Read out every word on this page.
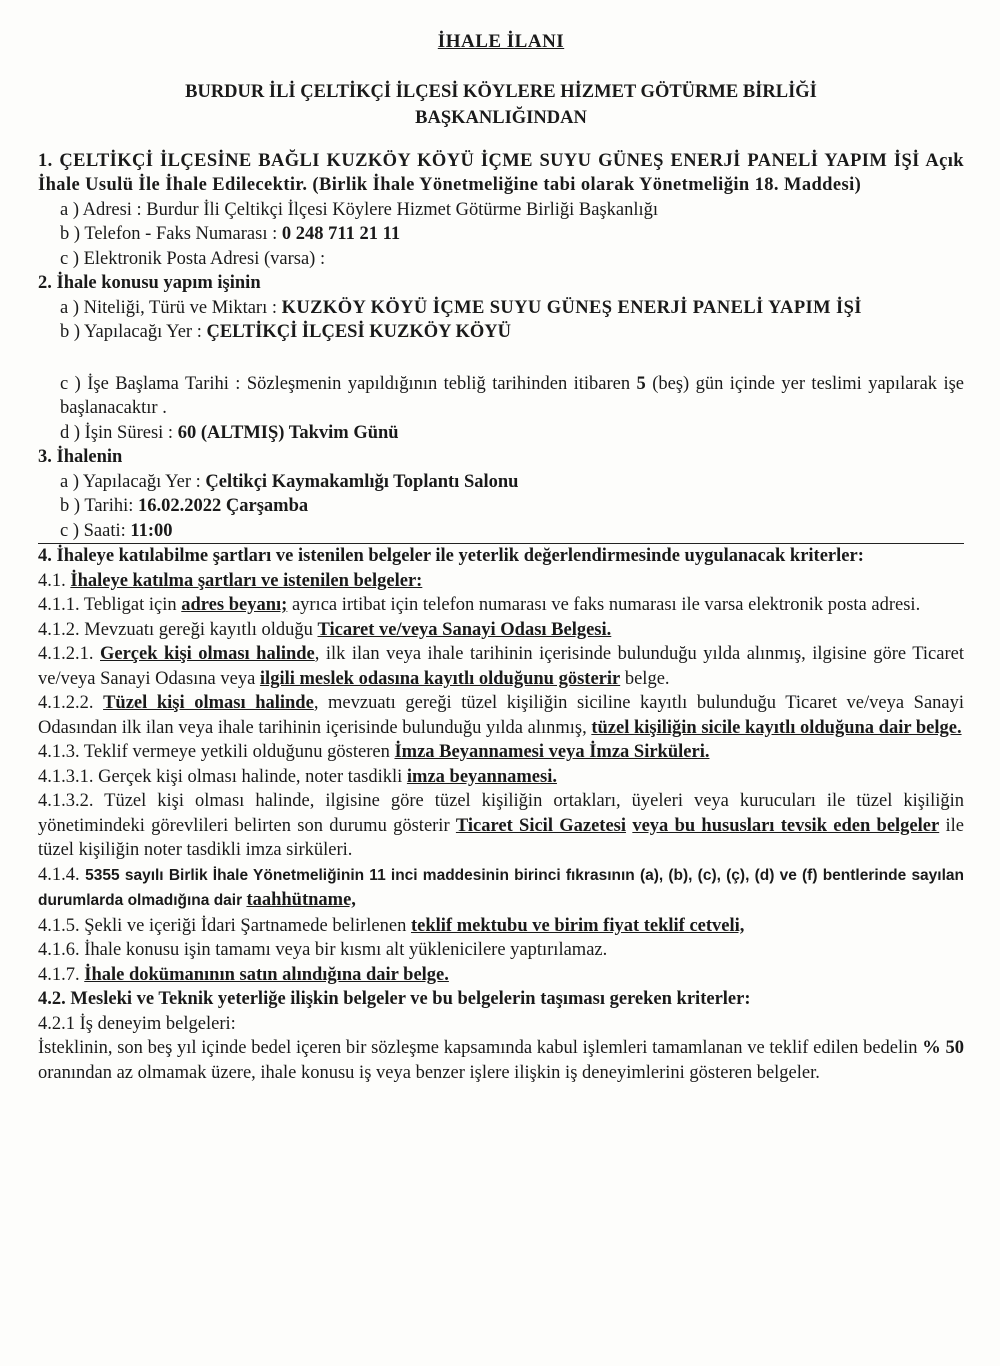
İHALE İLANI
BURDUR İLİ ÇELTİKÇİ İLÇESİ KÖYLERE HİZMET GÖTÜRME BİRLİĞİ
BAŞKANLIĞINDAN

1. ÇELTİKÇİ İLÇESİNE BAĞLI KUZKÖY KÖYÜ İÇME SUYU GÜNEŞ ENERJİ PANELİ YAPIM İŞİ Açık İhale Usulü İle İhale Edilecektir. (Birlik İhale Yönetmeliğine tabi olarak Yönetmeliğin 18. Maddesi)

a ) Adresi : Burdur İli Çeltikçi İlçesi Köylere Hizmet Götürme Birliği Başkanlığı

b ) Telefon - Faks Numarası : 0 248 711 21 11

c ) Elektronik Posta Adresi (varsa) :

2. İhale konusu yapım işinin

a ) Niteliği, Türü ve Miktarı : KUZKÖY KÖYÜ İÇME SUYU GÜNEŞ ENERJİ PANELİ YAPIM İŞİ

b ) Yapılacağı Yer : ÇELTİKÇİ İLÇESİ KUZKÖY KÖYÜ

c ) İşe Başlama Tarihi : Sözleşmenin yapıldığının tebliğ tarihinden itibaren 5 (beş) gün içinde yer teslimi yapılarak işe başlanacaktır .

d ) İşin Süresi : 60 (ALTMIŞ) Takvim Günü

3. İhalenin

a ) Yapılacağı Yer : Çeltikçi Kaymakamlığı Toplantı Salonu

b ) Tarihi: 16.02.2022 Çarşamba

c ) Saati: 11:00

4. İhaleye katılabilme şartları ve istenilen belgeler ile yeterlik değerlendirmesinde uygulanacak kriterler:

4.1. İhaleye katılma şartları ve istenilen belgeler:

4.1.1. Tebligat için adres beyanı; ayrıca irtibat için telefon numarası ve faks numarası ile varsa elektronik posta adresi.

4.1.2. Mevzuatı gereği kayıtlı olduğu Ticaret ve/veya Sanayi Odası Belgesi.

4.1.2.1. Gerçek kişi olması halinde, ilk ilan veya ihale tarihinin içerisinde bulunduğu yılda alınmış, ilgisine göre Ticaret ve/veya Sanayi Odasına veya ilgili meslek odasına kayıtlı olduğunu gösterir belge.

4.1.2.2. Tüzel kişi olması halinde, mevzuatı gereği tüzel kişiliğin siciline kayıtlı bulunduğu Ticaret ve/veya Sanayi Odasından ilk ilan veya ihale tarihinin içerisinde bulunduğu yılda alınmış, tüzel kişiliğin sicile kayıtlı olduğuna dair belge.

4.1.3. Teklif vermeye yetkili olduğunu gösteren İmza Beyannamesi veya İmza Sirküleri.

4.1.3.1. Gerçek kişi olması halinde, noter tasdikli imza beyannamesi.

4.1.3.2. Tüzel kişi olması halinde, ilgisine göre tüzel kişiliğin ortakları, üyeleri veya kurucuları ile tüzel kişiliğin yönetimindeki görevlileri belirten son durumu gösterir Ticaret Sicil Gazetesi veya bu hususları tevsik eden belgeler ile tüzel kişiliğin noter tasdikli imza sirküleri.

4.1.4. 5355 sayılı Birlik İhale Yönetmeliğinin 11 inci maddesinin birinci fıkrasının (a), (b), (c), (ç), (d) ve (f) bentlerinde sayılan durumlarda olmadığına dair taahhütname,

4.1.5. Şekli ve içeriği İdari Şartnamede belirlenen teklif mektubu ve birim fiyat teklif cetveli,

4.1.6. İhale konusu işin tamamı veya bir kısmı alt yüklenicilere yaptırılamaz.

4.1.7. İhale dokümanının satın alındığına dair belge.

4.2. Mesleki ve Teknik yeterliğe ilişkin belgeler ve bu belgelerin taşıması gereken kriterler:

4.2.1 İş deneyim belgeleri:

İsteklinin, son beş yıl içinde bedel içeren bir sözleşme kapsamında kabul işlemleri tamamlanan ve teklif edilen bedelin % 50 oranından az olmamak üzere, ihale konusu iş veya benzer işlere ilişkin iş deneyimlerini gösteren belgeler.
